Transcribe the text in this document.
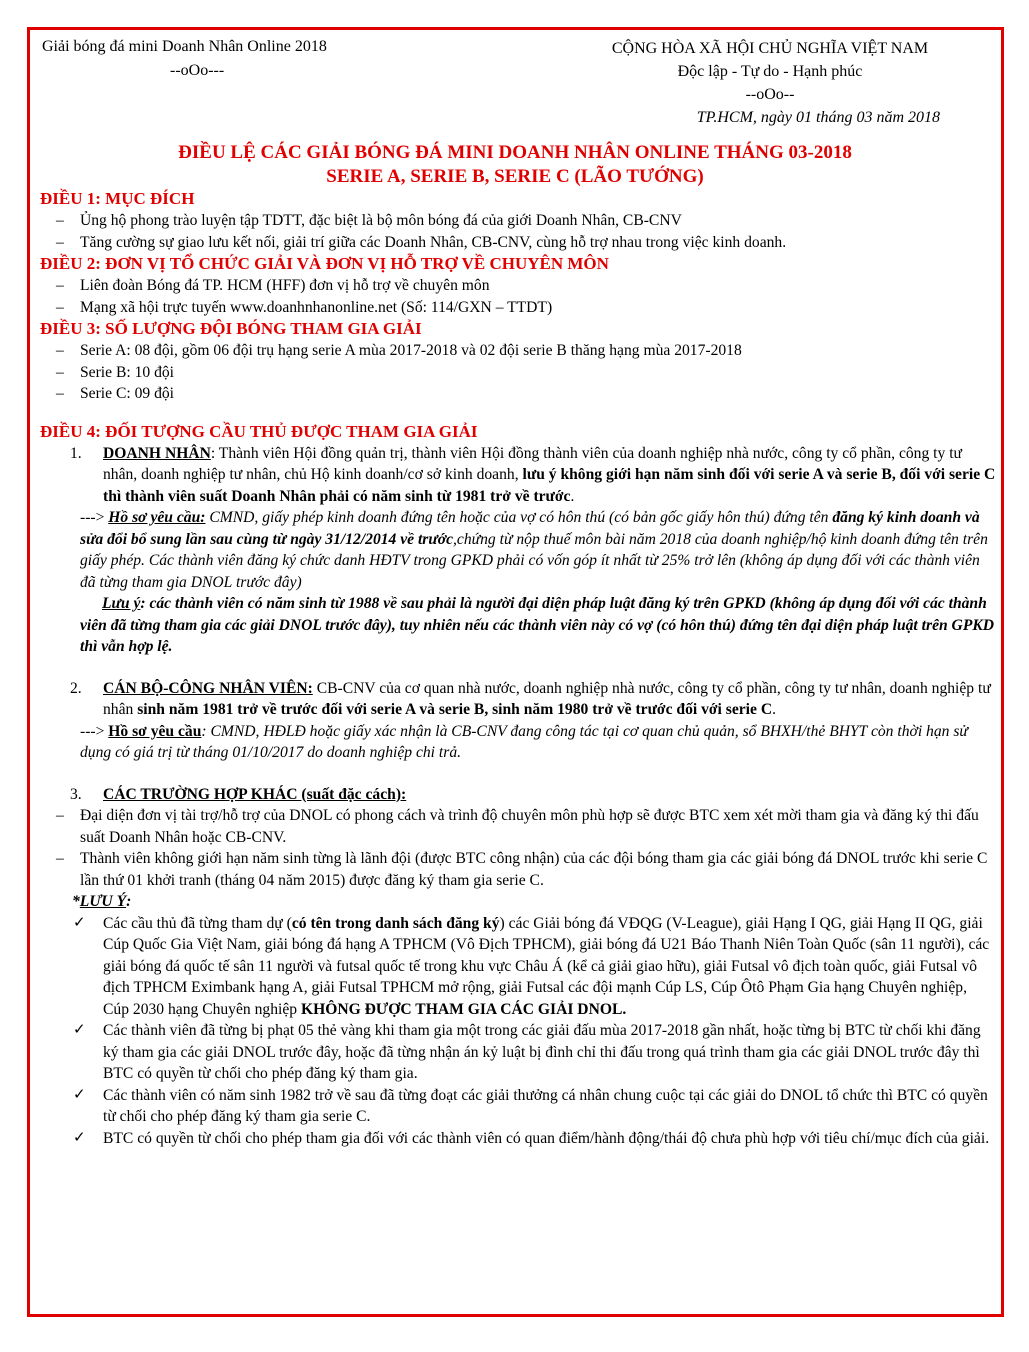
Giải bóng đá mini Doanh Nhân Online 2018

--oOo---

CỘNG HÒA XÃ HỘI CHỦ NGHĨA VIỆT NAM
Độc lập - Tự do - Hạnh phúc
--oOo--
TP.HCM, ngày 01 tháng 03 năm 2018
ĐIỀU LỆ CÁC GIẢI BÓNG ĐÁ MINI DOANH NHÂN ONLINE THÁNG 03-2018
SERIE A, SERIE B, SERIE C (LÃO TƯỚNG)

ĐIỀU 1: MỤC ĐÍCH

– Ủng hộ phong trào luyện tập TDTT, đặc biệt là bộ môn bóng đá của giới Doanh Nhân, CB-CNV

– Tăng cường sự giao lưu kết nối, giải trí giữa các Doanh Nhân, CB-CNV, cùng hỗ trợ nhau trong việc kinh doanh.

ĐIỀU 2: ĐƠN VỊ TỔ CHỨC GIẢI VÀ ĐƠN VỊ HỖ TRỢ VỀ CHUYÊN MÔN

– Liên đoàn Bóng đá TP. HCM (HFF) đơn vị hỗ trợ về chuyên môn

– Mạng xã hội trực tuyến www.doanhnhanonline.net (Số: 114/GXN – TTDT)

ĐIỀU 3: SỐ LƯỢNG ĐỘI BÓNG THAM GIA GIẢI

– Serie A: 08 đội, gồm 06 đội trụ hạng serie A mùa 2017-2018 và 02 đội serie B thăng hạng mùa 2017-2018

– Serie B: 10 đội

– Serie C: 09 đội

ĐIỀU 4: ĐỐI TƯỢNG CẦU THỦ ĐƯỢC THAM GIA GIẢI

1. DOANH NHÂN: Thành viên Hội đồng quản trị, thành viên Hội đồng thành viên của doanh nghiệp nhà nước, công ty cổ phần, công ty tư nhân, doanh nghiệp tư nhân, chủ Hộ kinh doanh/cơ sở kinh doanh, lưu ý không giới hạn năm sinh đối với serie A và serie B, đối với serie C thì thành viên suất Doanh Nhân phải có năm sinh từ 1981 trở về trước.

---> Hồ sơ yêu cầu: CMND, giấy phép kinh doanh đứng tên hoặc của vợ có hôn thú (có bản gốc giấy hôn thú) đứng tên đăng ký kinh doanh và sửa đổi bổ sung lần sau cùng từ ngày 31/12/2014 về trước,chứng từ nộp thuế môn bài năm 2018 của doanh nghiệp/hộ kinh doanh đứng tên trên giấy phép. Các thành viên đăng ký chức danh HĐTV trong GPKD phải có vốn góp ít nhất từ 25% trở lên (không áp dụng đối với các thành viên đã từng tham gia DNOL trước đây)

Lưu ý: các thành viên có năm sinh từ 1988 về sau phải là người đại diện pháp luật đăng ký trên GPKD (không áp dụng đối với các thành viên đã từng tham gia các giải DNOL trước đây), tuy nhiên nếu các thành viên này có vợ (có hôn thú) đứng tên đại diện pháp luật trên GPKD thì vẫn hợp lệ.

2. CÁN BỘ-CÔNG NHÂN VIÊN: CB-CNV của cơ quan nhà nước, doanh nghiệp nhà nước, công ty cổ phần, công ty tư nhân, doanh nghiệp tư nhân sinh năm 1981 trở về trước đối với serie A và serie B, sinh năm 1980 trở về trước đối với serie C.

---> Hồ sơ yêu cầu: CMND, HĐLĐ hoặc giấy xác nhận là CB-CNV đang công tác tại cơ quan chủ quản, sổ BHXH/thẻ BHYT còn thời hạn sử dụng có giá trị từ tháng 01/10/2017 do doanh nghiệp chi trả.

3. CÁC TRƯỜNG HỢP KHÁC (suất đặc cách):

– Đại diện đơn vị tài trợ/hỗ trợ của DNOL có phong cách và trình độ chuyên môn phù hợp sẽ được BTC xem xét mời tham gia và đăng ký thi đấu suất Doanh Nhân hoặc CB-CNV.

– Thành viên không giới hạn năm sinh từng là lãnh đội (được BTC công nhận) của các đội bóng tham gia các giải bóng đá DNOL trước khi serie C lần thứ 01 khởi tranh (tháng 04 năm 2015) được đăng ký tham gia serie C.

*LƯU Ý:

✓ Các cầu thủ đã từng tham dự (có tên trong danh sách đăng ký) các Giải bóng đá VĐQG (V-League), giải Hạng I QG, giải Hạng II QG, giải Cúp Quốc Gia Việt Nam, giải bóng đá hạng A TPHCM (Vô Địch TPHCM), giải bóng đá U21 Báo Thanh Niên Toàn Quốc (sân 11 người), các giải bóng đá quốc tế sân 11 người và futsal quốc tế trong khu vực Châu Á (kể cả giải giao hữu), giải Futsal vô địch toàn quốc, giải Futsal vô địch TPHCM Eximbank hạng A, giải Futsal TPHCM mở rộng, giải Futsal các đội mạnh Cúp LS, Cúp Ôtô Phạm Gia hạng Chuyên nghiệp, Cúp 2030 hạng Chuyên nghiệp KHÔNG ĐƯỢC THAM GIA CÁC GIẢI DNOL.

✓ Các thành viên đã từng bị phạt 05 thẻ vàng khi tham gia một trong các giải đấu mùa 2017-2018 gần nhất, hoặc từng bị BTC từ chối khi đăng ký tham gia các giải DNOL trước đây, hoặc đã từng nhận án kỷ luật bị đình chỉ thi đấu trong quá trình tham gia các giải DNOL trước đây thì BTC có quyền từ chối cho phép đăng ký tham gia.

✓ Các thành viên có năm sinh 1982 trở về sau đã từng đoạt các giải thưởng cá nhân chung cuộc tại các giải do DNOL tổ chức thì BTC có quyền từ chối cho phép đăng ký tham gia serie C.

✓ BTC có quyền từ chối cho phép tham gia đối với các thành viên có quan điểm/hành động/thái độ chưa phù hợp với tiêu chí/mục đích của giải.
